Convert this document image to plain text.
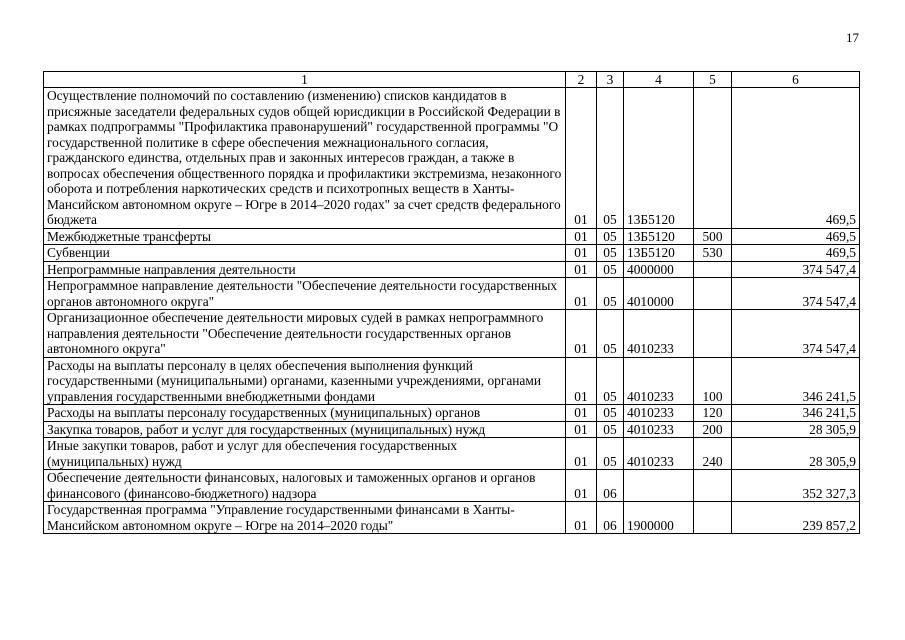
17
1	2	3	4	5	6
Осуществление полномочий по составлению (изменению) списков кандидатов в присяжные заседатели федеральных судов общей юрисдикции в Российской Федерации в рамках подпрограммы "Профилактика правонарушений" государственной программы "О государственной политике в сфере обеспечения межнационального согласия, гражданского единства, отдельных прав и законных интересов граждан, а также в вопросах обеспечения общественного порядка и профилактики экстремизма, незаконного оборота и потребления наркотических средств и психотропных веществ в Ханты-Мансийском автономном округе – Югре в 2014–2020 годах" за счет средств федерального бюджета	01	05	13Б5120		469,5
Межбюджетные трансферты	01	05	13Б5120	500	469,5
Субвенции	01	05	13Б5120	530	469,5
Непрограммные направления деятельности	01	05	4000000		374 547,4
Непрограммное направление деятельности "Обеспечение деятельности государственных органов автономного округа"	01	05	4010000		374 547,4
Организационное обеспечение деятельности мировых судей в рамках непрограммного направления деятельности "Обеспечение деятельности государственных органов автономного округа"	01	05	4010233		374 547,4
Расходы на выплаты персоналу в целях обеспечения выполнения функций государственными (муниципальными) органами, казенными учреждениями, органами управления государственными внебюджетными фондами	01	05	4010233	100	346 241,5
Расходы на выплаты персоналу государственных (муниципальных) органов	01	05	4010233	120	346 241,5
Закупка товаров, работ и услуг для государственных (муниципальных) нужд	01	05	4010233	200	28 305,9
Иные закупки товаров, работ и услуг для обеспечения государственных (муниципальных) нужд	01	05	4010233	240	28 305,9
Обеспечение деятельности финансовых, налоговых и таможенных органов и органов финансового (финансово-бюджетного) надзора	01	06			352 327,3
Государственная программа "Управление государственными финансами в Ханты-Мансийском автономном округе – Югре на 2014–2020 годы"	01	06	1900000		239 857,2
